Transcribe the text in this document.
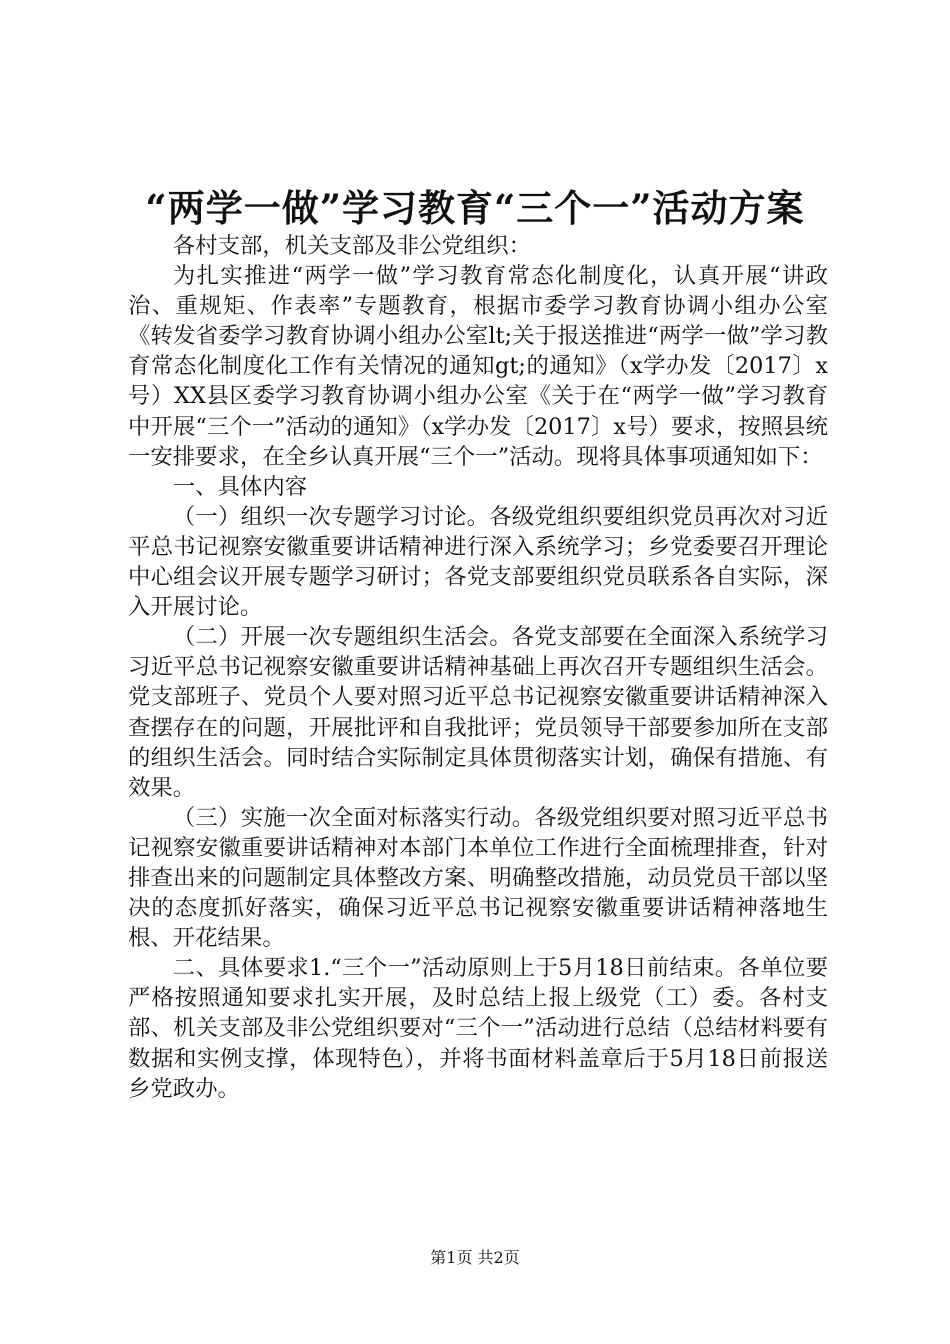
“两学一做”学习教育“三个一”活动方案

各村支部，机关支部及非公党组织：

为扎实推进“两学一做”学习教育常态化制度化，认真开展“讲政治、重规矩、作表率”专题教育，根据市委学习教育协调小组办公室《转发省委学习教育协调小组办公室lt;关于报送推进“两学一做”学习教育常态化制度化工作有关情况的通知gt;的通知》（x学办发〔2017〕x号）XX县区委学习教育协调小组办公室《关于在“两学一做”学习教育中开展“三个一”活动的通知》（x学办发〔2017〕x号）要求，按照县统一安排要求，在全乡认真开展“三个一”活动。现将具体事项通知如下：

一、具体内容

（一）组织一次专题学习讨论。各级党组织要组织党员再次对习近平总书记视察安徽重要讲话精神进行深入系统学习；乡党委要召开理论中心组会议开展专题学习研讨；各党支部要组织党员联系各自实际，深入开展讨论。

（二）开展一次专题组织生活会。各党支部要在全面深入系统学习习近平总书记视察安徽重要讲话精神基础上再次召开专题组织生活会。党支部班子、党员个人要对照习近平总书记视察安徽重要讲话精神深入查摆存在的问题，开展批评和自我批评；党员领导干部要参加所在支部的组织生活会。同时结合实际制定具体贯彻落实计划，确保有措施、有效果。

（三）实施一次全面对标落实行动。各级党组织要对照习近平总书记视察安徽重要讲话精神对本部门本单位工作进行全面梳理排查，针对排查出来的问题制定具体整改方案、明确整改措施，动员党员干部以坚决的态度抓好落实，确保习近平总书记视察安徽重要讲话精神落地生根、开花结果。

二、具体要求1.“三个一”活动原则上于5月18日前结束。各单位要严格按照通知要求扎实开展，及时总结上报上级党（工）委。各村支部、机关支部及非公党组织要对“三个一”活动进行总结（总结材料要有数据和实例支撑，体现特色），并将书面材料盖章后于5月18日前报送乡党政办。

第1页 共2页
